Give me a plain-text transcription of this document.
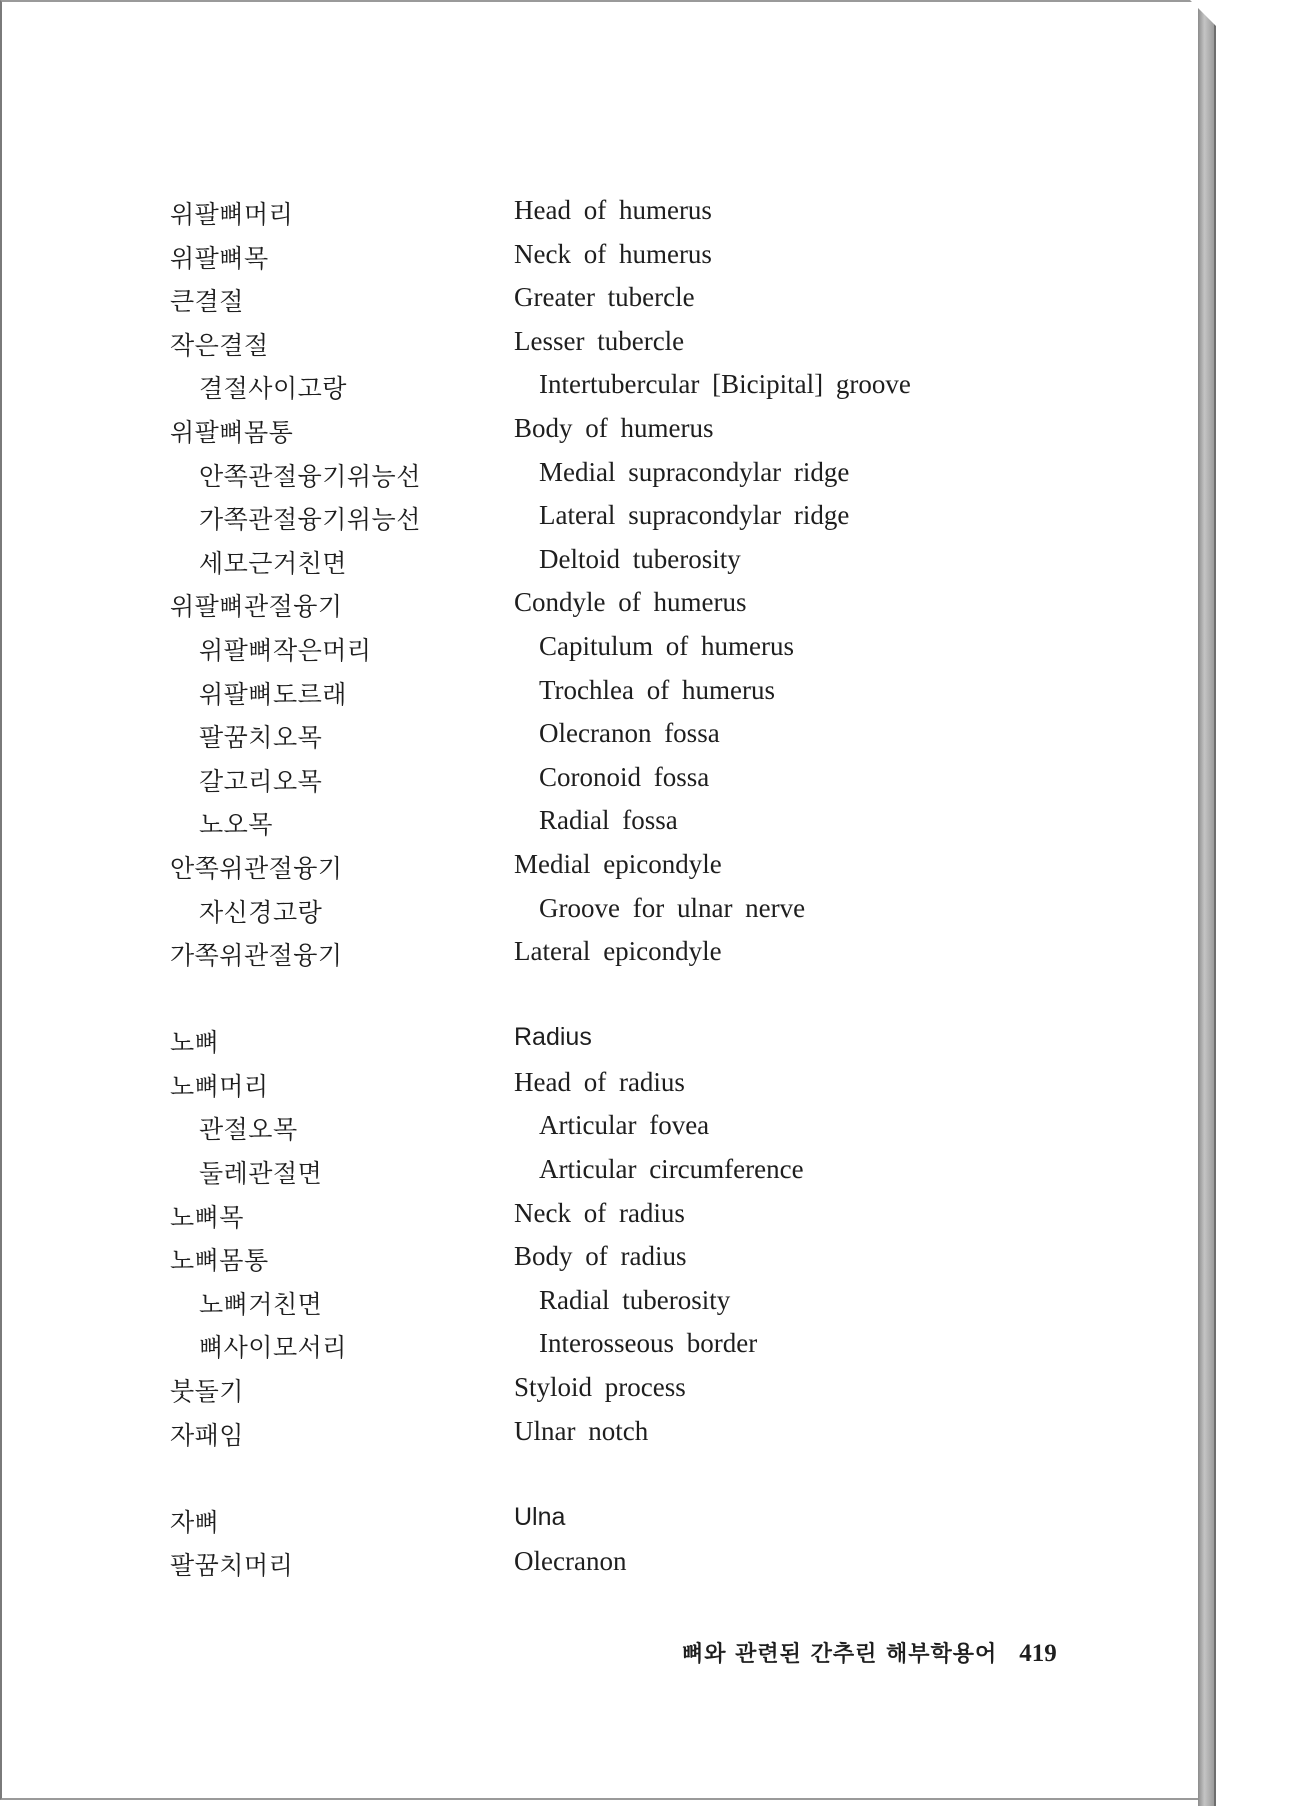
위팔뼈머리	Head of humerus
위팔뼈목	Neck of humerus
큰결절	Greater tubercle
작은결절	Lesser tubercle
결절사이고랑	Intertubercular [Bicipital] groove
위팔뼈몸통	Body of humerus
안쪽관절융기위능선	Medial supracondylar ridge
가쪽관절융기위능선	Lateral supracondylar ridge
세모근거친면	Deltoid tuberosity
위팔뼈관절융기	Condyle of humerus
위팔뼈작은머리	Capitulum of humerus
위팔뼈도르래	Trochlea of humerus
팔꿈치오목	Olecranon fossa
갈고리오목	Coronoid fossa
노오목	Radial fossa
안쪽위관절융기	Medial epicondyle
자신경고랑	Groove for ulnar nerve
가쪽위관절융기	Lateral epicondyle
노뼈	Radius
노뼈머리	Head of radius
관절오목	Articular fovea
둘레관절면	Articular circumference
노뼈목	Neck of radius
노뼈몸통	Body of radius
노뼈거친면	Radial tuberosity
뼈사이모서리	Interosseous border
붓돌기	Styloid process
자패임	Ulnar notch
자뼈	Ulna
팔꿈치머리	Olecranon
뼈와 관련된 간추린 해부학용어 419
